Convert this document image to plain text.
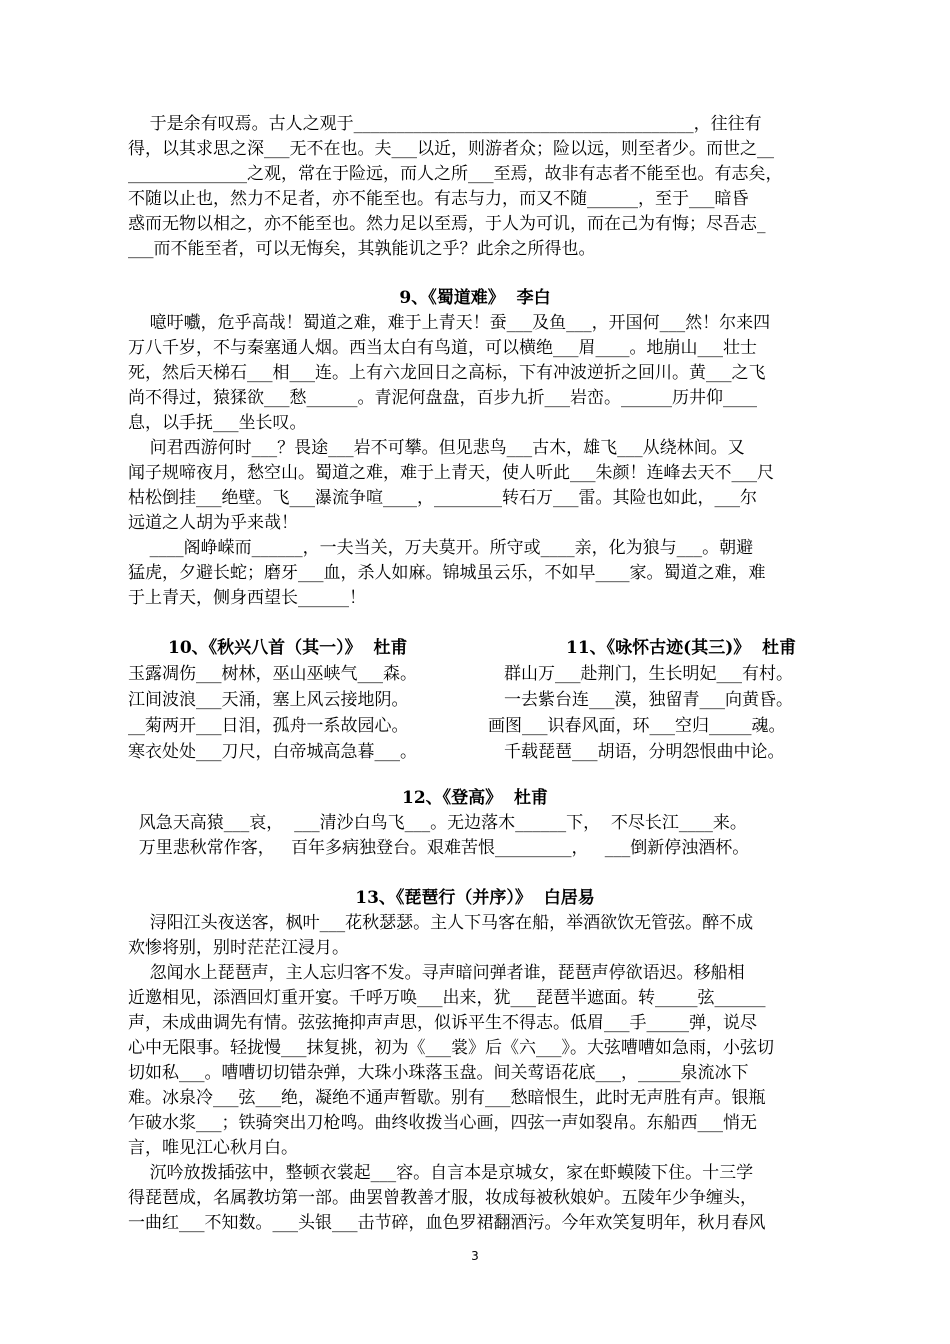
于是余有叹焉。古人之观于________________________________________，往往有
得，以其求思之深___无不在也。夫___以近，则游者众；险以远，则至者少。而世之__
______________之观，常在于险远，而人之所___至焉，故非有志者不能至也。有志矣，
不随以止也，然力不足者，亦不能至也。有志与力，而又不随______，至于___暗昏
惑而无物以相之，亦不能至也。然力足以至焉，于人为可讥，而在己为有悔；尽吾志_
___而不能至者，可以无悔矣，其孰能讥之乎？此余之所得也。
9、《蜀道难》  李白
噫吁嚱，危乎高哉！蜀道之难，难于上青天！蚕___及鱼___，开国何___然！尔来四
万八千岁，不与秦塞通人烟。西当太白有鸟道，可以横绝___眉____。地崩山___壮士
死，然后天梯石___相___连。上有六龙回日之高标，下有冲波逆折之回川。黄___之飞
尚不得过，猿猱欲___愁______。青泥何盘盘，百步九折___岩峦。______历井仰____
息，以手抚___坐长叹。
问君西游何时___？畏途___岩不可攀。但见悲鸟___古木，雄飞___从绕林间。又
闻子规啼夜月，愁空山。蜀道之难，难于上青天，使人听此___朱颜！连峰去天不___尺
枯松倒挂___绝壁。飞___瀑流争喧____，________转石万___雷。其险也如此，___尔
远道之人胡为乎来哉！
____阁峥嵘而______，一夫当关，万夫莫开。所守或____亲，化为狼与___。朝避
猛虎，夕避长蛇；磨牙___血，杀人如麻。锦城虽云乐，不如早____家。蜀道之难，难
于上青天，侧身西望长______！
10、《秋兴八首（其一）》  杜甫
玉露凋伤___树林，巫山巫峡气___森。
江间波浪___天涌，塞上风云接地阴。
__菊两开___日泪，孤舟一系故园心。
寒衣处处___刀尺，白帝城高急暮___。
11、《咏怀古迹(其三)》  杜甫
群山万___赴荆门，生长明妃___有村。
一去紫台连___漠，独留青___向黄昏。
画图___识春风面，环___空归_____魂。
千载琵琶___胡语，分明怨恨曲中论。
12、《登高》  杜甫
风急天高猿___哀，  ___清沙白鸟飞___。无边落木______下，  不尽长江____来。
万里悲秋常作客，   百年多病独登台。艰难苦恨_________，   ___倒新停浊酒杯。
13、《琵琶行（并序）》  白居易
浔阳江头夜送客，枫叶___花秋瑟瑟。主人下马客在船，举酒欲饮无管弦。醉不成
欢惨将别，别时茫茫江浸月。
忽闻水上琵琶声，主人忘归客不发。寻声暗问弹者谁，琵琶声停欲语迟。移船相
近邀相见，添酒回灯重开宴。千呼万唤___出来，犹___琵琶半遮面。转_____弦______
声，未成曲调先有情。弦弦掩抑声声思，似诉平生不得志。低眉___手_____弹，说尽
心中无限事。轻拢慢___抹复挑，初为《___裳》后《六___》。大弦嘈嘈如急雨，小弦切
切如私___。嘈嘈切切错杂弹，大珠小珠落玉盘。间关莺语花底___，_____泉流冰下
难。冰泉冷___弦___绝，凝绝不通声暂歇。别有___愁暗恨生，此时无声胜有声。银瓶
乍破水浆___；铁骑突出刀枪鸣。曲终收拨当心画，四弦一声如裂帛。东船西___悄无
言，唯见江心秋月白。
沉吟放拨插弦中，整顿衣裳起___容。自言本是京城女，家在虾蟆陵下住。十三学
得琵琶成，名属教坊第一部。曲罢曾教善才服，妆成每被秋娘妒。五陵年少争缠头，
一曲红___不知数。___头银___击节碎，血色罗裙翻酒污。今年欢笑复明年，秋月春风
3
